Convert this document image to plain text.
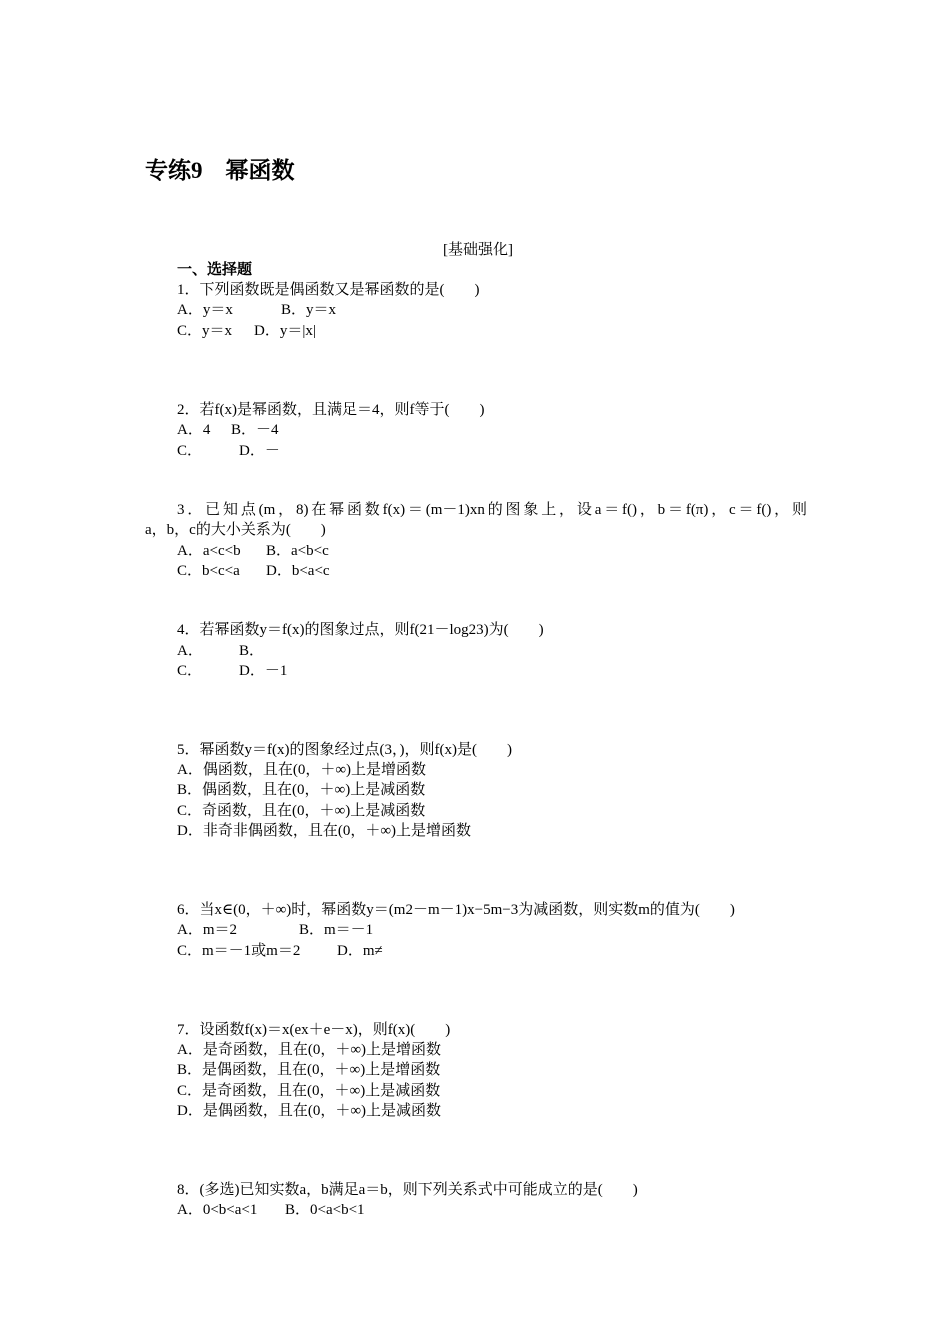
专练9　幂函数
[基础强化]
一、选择题
1．下列函数既是偶函数又是幂函数的是(　　)
A．y＝x	B．y＝x
C．y＝x D．y＝|x|
2．若f(x)是幂函数，且满足＝4，则f等于(　　)
A．4 B．－4
C． D．－
3．已知点(m，8)在幂函数f(x)＝(m－1)xn的图象上，设a＝f()，b＝f(π)，c＝f()，则
a，b，c的大小关系为(　　)
A．a<c<b B．a<b<c
C．b<c<a D．b<a<c
4．若幂函数y＝f(x)的图象过点，则f(21－log23)为(　　)
A． B．
C． D．－1
5．幂函数y＝f(x)的图象经过点(3，)，则f(x)是(　　)
A．偶函数，且在(0，＋∞)上是增函数
B．偶函数，且在(0，＋∞)上是减函数
C．奇函数，且在(0，＋∞)上是减函数
D．非奇非偶函数，且在(0，＋∞)上是增函数
6．当x∈(0，＋∞)时，幂函数y＝(m2－m－1)x−5m−3为减函数，则实数m的值为(　　)
A．m＝2	B．m＝－1
C．m＝－1或m＝2 D．m≠
7．设函数f(x)＝x(ex＋e－x)，则f(x)(　　)
A．是奇函数，且在(0，＋∞)上是增函数
B．是偶函数，且在(0，＋∞)上是增函数
C．是奇函数，且在(0，＋∞)上是减函数
D．是偶函数，且在(0，＋∞)上是减函数
8．(多选)已知实数a，b满足a＝b，则下列关系式中可能成立的是(　　)
A．0<b<a<1 B．0<a<b<1
